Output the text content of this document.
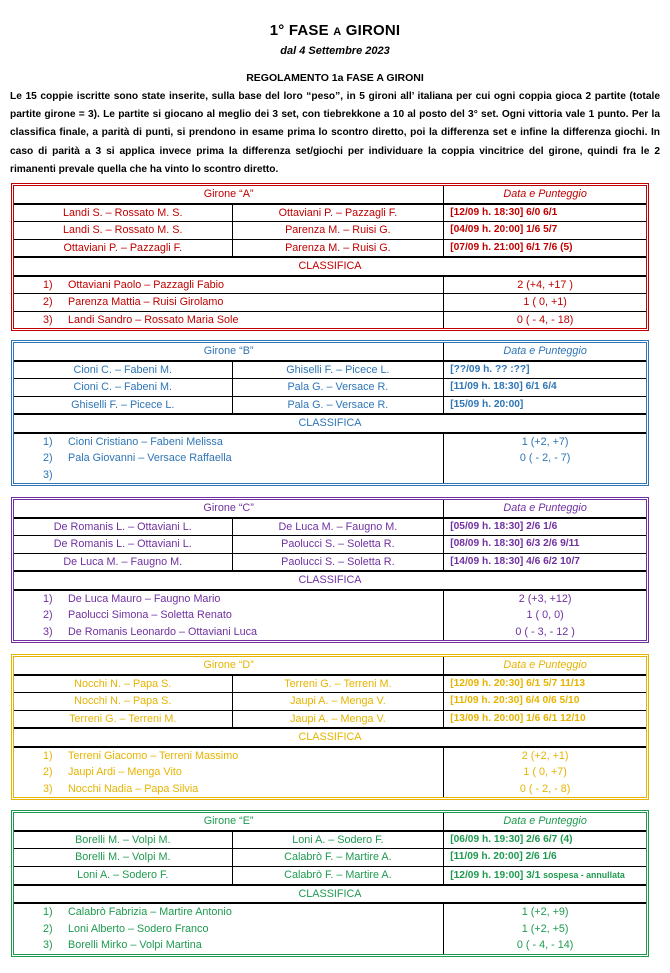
1° FASE A GIRONI
dal 4 Settembre 2023
REGOLAMENTO 1a FASE A GIRONI
Le 15 coppie iscritte sono state inserite, sulla base del loro “peso”, in 5 gironi all’ italiana per cui ogni coppia gioca 2 partite (totale partite girone = 3). Le partite si giocano al meglio dei 3 set, con tiebrekkone a 10 al posto del 3° set. Ogni vittoria vale 1 punto. Per la classifica finale, a parità di punti, si prendono in esame prima lo scontro diretto, poi la differenza set e infine la differenza giochi. In caso di parità a 3 si applica invece prima la differenza set/giochi per individuare la coppia vincitrice del girone, quindi fra le 2 rimanenti prevale quella che ha vinto lo scontro diretto.
Girone “A”		Data e Punteggio
Landi S. – Rossato M. S.	Ottaviani P. – Pazzagli F.	[12/09 h. 18:30] 6/0 6/1
Landi S. – Rossato M. S.	Parenza M. – Ruisi G.	[04/09 h. 20:00] 1/6 5/7
Ottaviani P. – Pazzagli F.	Parenza M. – Ruisi G.	[07/09 h. 21:00] 6/1 7/6 (5)
CLASSIFICA		
1) Ottaviani Paolo – Pazzagli Fabio		2 (+4, +17 )
2) Parenza Mattia – Ruisi Girolamo		1 ( 0, +1)
3) Landi Sandro – Rossato Maria Sole		0 ( - 4, - 18)
Girone “B”		Data e Punteggio
Cioni C. – Fabeni M.	Ghiselli F. – Picece L.	[??/09 h. ?? :??]
Cioni C. – Fabeni M.	Pala G. – Versace R.	[11/09 h. 18:30] 6/1 6/4
Ghiselli F. – Picece L.	Pala G. – Versace R.	[15/09 h. 20:00]
CLASSIFICA		
1) Cioni Cristiano – Fabeni Melissa		1 (+2, +7)
2) Pala Giovanni – Versace Raffaella		0 ( - 2, - 7)
3)		
Girone “C”		Data e Punteggio
De Romanis L. – Ottaviani L.	De Luca M. – Faugno M.	[05/09 h. 18:30] 2/6 1/6
De Romanis L. – Ottaviani L.	Paolucci S. – Soletta R.	[08/09 h. 18:30] 6/3 2/6 9/11
De Luca M. – Faugno M.	Paolucci S. – Soletta R.	[14/09 h. 18:30] 4/6 6/2 10/7
CLASSIFICA		
1) De Luca Mauro – Faugno Mario		2 (+3, +12)
2) Paolucci Simona – Soletta Renato		1 ( 0, 0)
3) De Romanis Leonardo – Ottaviani Luca		0 ( - 3, - 12 )
Girone “D”		Data e Punteggio
Nocchi N. – Papa S.	Terreni G. – Terreni M.	[12/09 h. 20:30] 6/1 5/7 11/13
Nocchi N. – Papa S.	Jaupi A. – Menga V.	[11/09 h. 20:30] 6/4 0/6 5/10
Terreni G. – Terreni M.	Jaupi A. – Menga V.	[13/09 h. 20:00] 1/6 6/1 12/10
CLASSIFICA		
1) Terreni Giacomo – Terreni Massimo		2 (+2, +1)
2) Jaupi Ardi – Menga Vito		1 ( 0, +7)
3) Nocchi Nadia – Papa Silvia		0 ( - 2, - 8)
Girone “E”		Data e Punteggio
Borelli M. – Volpi M.	Loni A. – Sodero F.	[06/09 h. 19:30] 2/6 6/7 (4)
Borelli M. – Volpi M.	Calabrò F. – Martire A.	[11/09 h. 20:00] 2/6 1/6
Loni A. – Sodero F.	Calabrò F. – Martire A.	[12/09 h. 19:00] 3/1 sospesa - annullata
CLASSIFICA		
1) Calabrò Fabrizia – Martire Antonio		1 (+2, +9)
2) Loni Alberto – Sodero Franco		1 (+2, +5)
3) Borelli Mirko – Volpi Martina		0 ( - 4, - 14)
